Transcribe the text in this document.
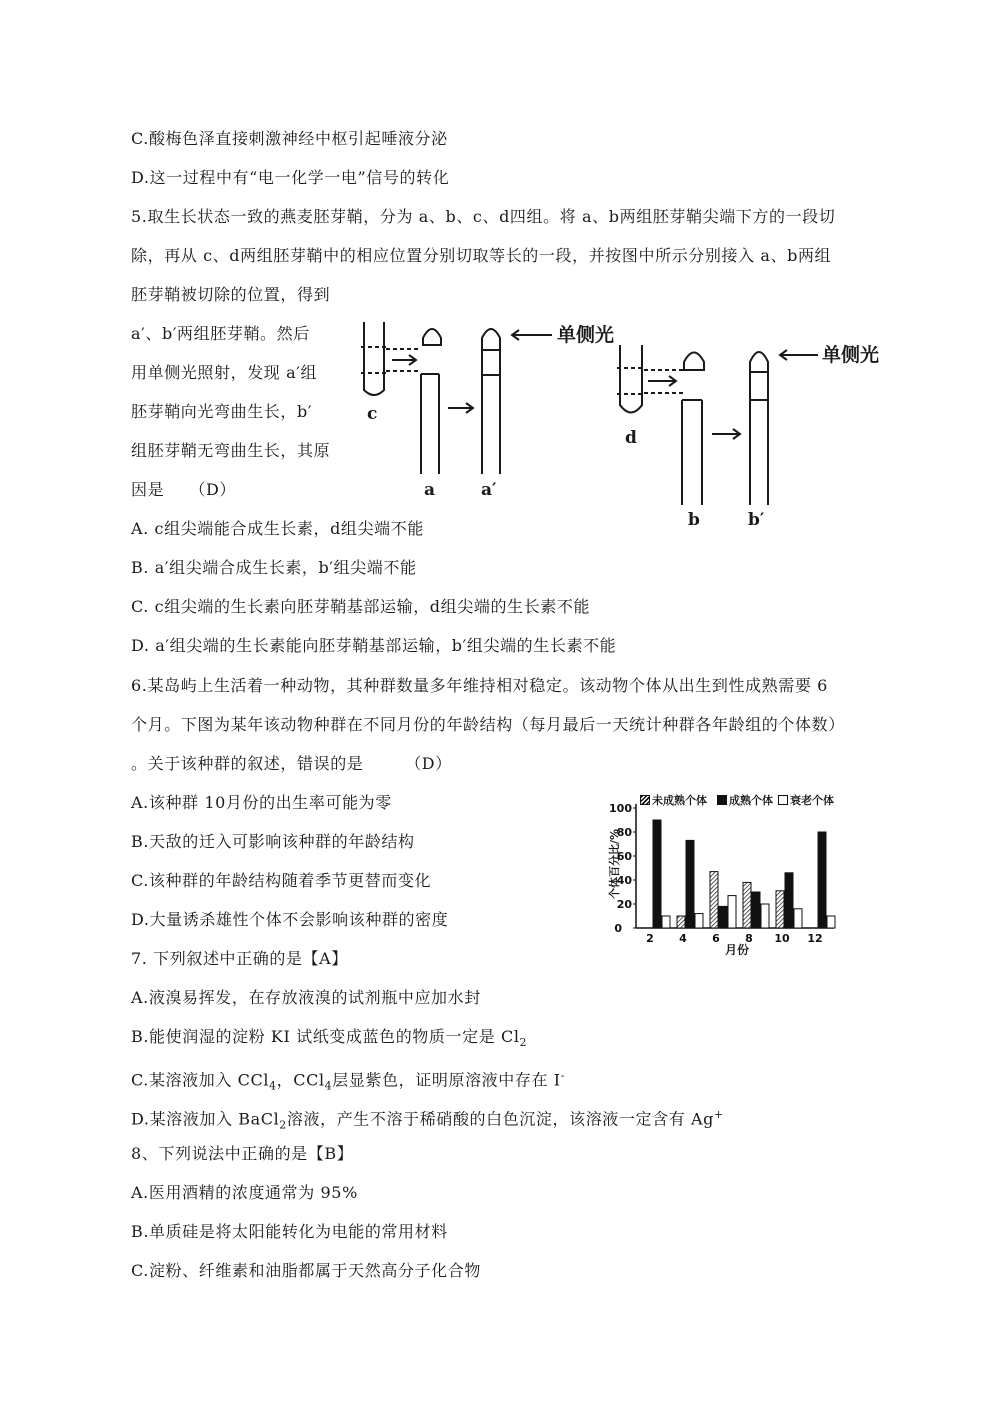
C.酸梅色泽直接刺激神经中枢引起唾液分泌
D.这一过程中有“电一化学一电”信号的转化
5.取生长状态一致的燕麦胚芽鞘，分为 a、b、c、d四组。将 a、b两组胚芽鞘尖端下方的一段切
除，再从 c、d两组胚芽鞘中的相应位置分别切取等长的一段，并按图中所示分别接入 a、b两组
胚芽鞘被切除的位置，得到
a′、b′两组胚芽鞘。然后
用单侧光照射，发现 a′组
胚芽鞘向光弯曲生长，b′
组胚芽鞘无弯曲生长，其原
因是　　（D）
A. c组尖端能合成生长素，d组尖端不能
B. a′组尖端合成生长素，b′组尖端不能
C. c组尖端的生长素向胚芽鞘基部运输，d组尖端的生长素不能
D. a′组尖端的生长素能向胚芽鞘基部运输，b′组尖端的生长素不能
6.某岛屿上生活着一种动物，其种群数量多年维持相对稳定。该动物个体从出生到性成熟需要 6
个月。下图为某年该动物种群在不同月份的年龄结构（每月最后一天统计种群各年龄组的个体数）
。关于该种群的叙述，错误的是　　　（D）
A.该种群 10月份的出生率可能为零
B.天敌的迁入可影响该种群的年龄结构
C.该种群的年龄结构随着季节更替而变化
D.大量诱杀雄性个体不会影响该种群的密度
7. 下列叙述中正确的是【A】
A.液溴易挥发，在存放液溴的试剂瓶中应加水封
B.能使润湿的淀粉 KI 试纸变成蓝色的物质一定是 $Cl_2$
C.某溶液加入 CCl$_4$，CCl$_4$层显紫色，证明原溶液中存在 I-
D.某溶液加入 BaCl$_2$溶液，产生不溶于稀硝酸的白色沉淀，该溶液一定含有 Ag+
8、下列说法中正确的是【B】
A.医用酒精的浓度通常为 95%
B.单质硅是将太阳能转化为电能的常用材料
C.淀粉、纤维素和油脂都属于天然高分子化合物
c
a	a′
单侧光
d
b	b′
单侧光
未成熟个体	成熟个体	衰老个体
个体百分比/%
月份
0
20
40
60
80
100
2 4 6 8 10 12
